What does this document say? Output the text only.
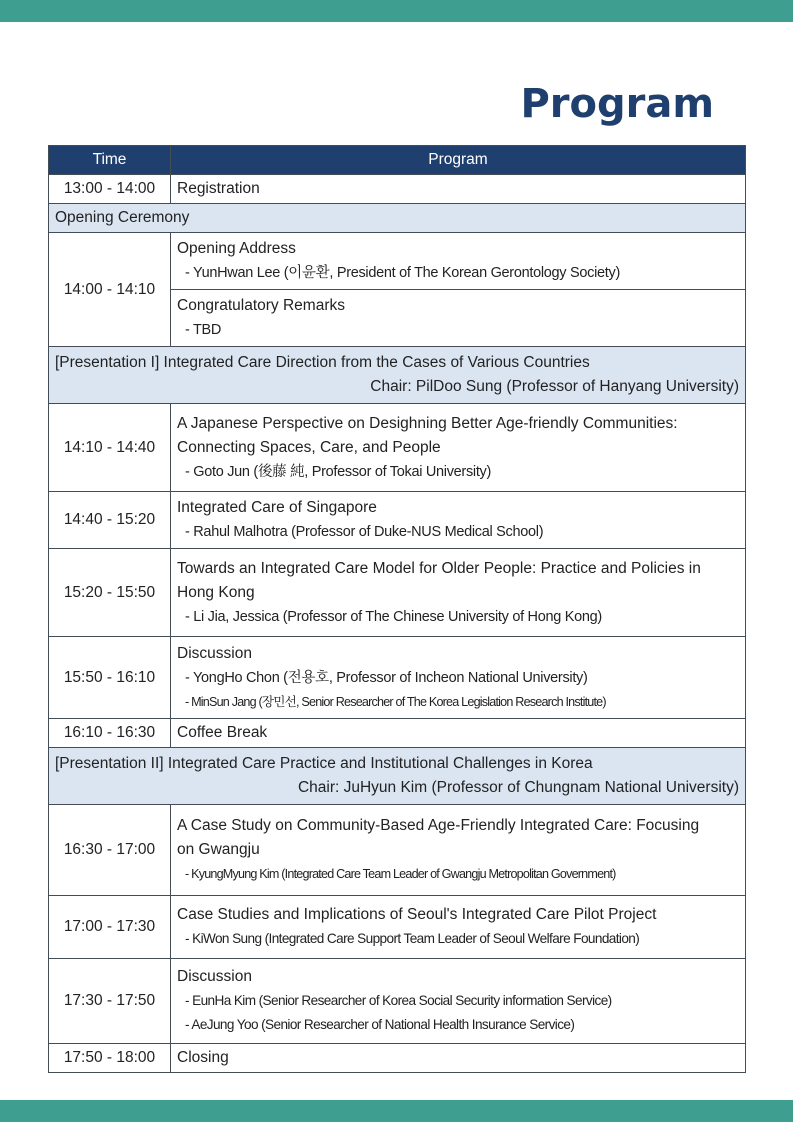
Program
Time	Program
13:00 - 14:00	Registration

Opening Ceremony	
14:00 - 14:10	Opening Address
- YunHwan Lee (이윤환, President of The Korean Gerontology Society)

	Congratulatory Remarks
- TBD

[Presentation I] Integrated Care Direction from the Cases of Various Countries
Chair: PilDoo Sung (Professor of Hanyang University)	

14:10 - 14:40	A Japanese Perspective on Desighning Better Age-friendly Communities:
Connecting Spaces, Care, and People
- Goto Jun (後藤 純, Professor of Tokai University)

14:40 - 15:20	Integrated Care of Singapore
- Rahul Malhotra (Professor of Duke-NUS Medical School)

15:20 - 15:50	Towards an Integrated Care Model for Older People: Practice and Policies in
Hong Kong
- Li Jia, Jessica (Professor of The Chinese University of Hong Kong)

15:50 - 16:10	Discussion
- YongHo Chon (전용호, Professor of Incheon National University)
- MinSun Jang (장민선, Senior Researcher of The Korea Legislation Research Institute)

16:10 - 16:30	Coffee Break

[Presentation II] Integrated Care Practice and Institutional Challenges in Korea
Chair: JuHyun Kim (Professor of Chungnam National University)	

16:30 - 17:00	A Case Study on Community-Based Age-Friendly Integrated Care: Focusing
on Gwangju
- KyungMyung Kim (Integrated Care Team Leader of Gwangju Metropolitan Government)

17:00 - 17:30	Case Studies and Implications of Seoul's Integrated Care Pilot Project
- KiWon Sung (Integrated Care Support Team Leader of Seoul Welfare Foundation)

17:30 - 17:50	Discussion
- EunHa Kim (Senior Researcher of Korea Social Security information Service)
- AeJung Yoo (Senior Researcher of National Health Insurance Service)

17:50 - 18:00	Closing
